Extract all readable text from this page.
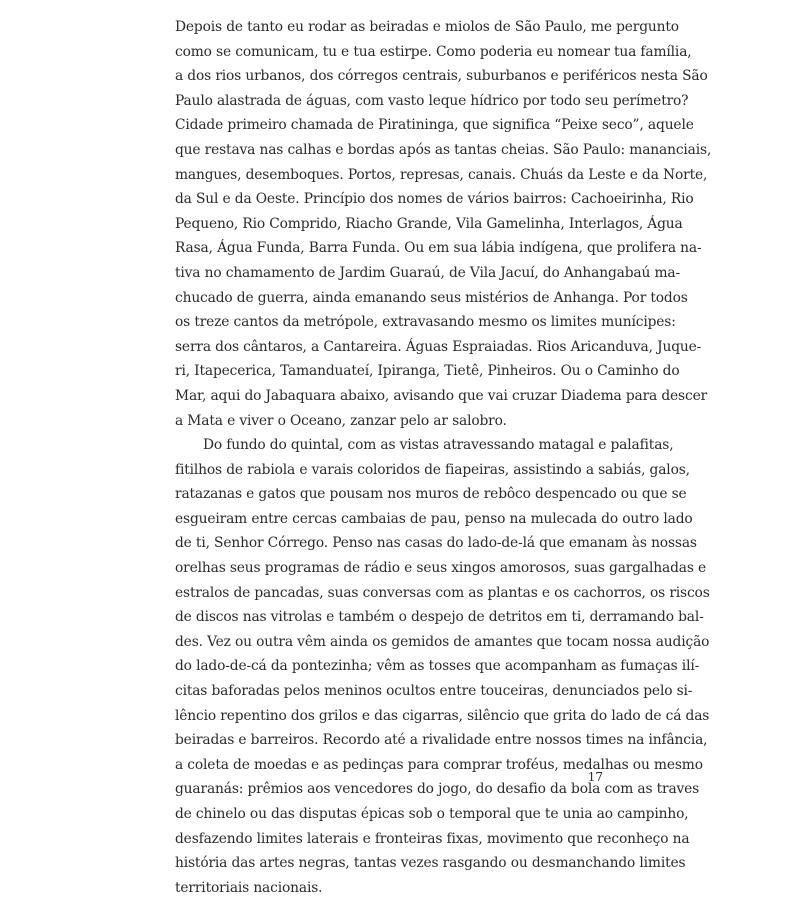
Depois de tanto eu rodar as beiradas e miolos de São Paulo, me pergunto
como se comunicam, tu e tua estirpe. Como poderia eu nomear tua família,
a dos rios urbanos, dos córregos centrais, suburbanos e periféricos nesta São
Paulo alastrada de águas, com vasto leque hídrico por todo seu perímetro?
Cidade primeiro chamada de Piratininga, que significa “Peixe seco”, aquele
que restava nas calhas e bordas após as tantas cheias. São Paulo: mananciais,
mangues, desemboques. Portos, represas, canais. Chuás da Leste e da Norte,
da Sul e da Oeste. Princípio dos nomes de vários bairros: Cachoeirinha, Rio
Pequeno, Rio Comprido, Riacho Grande, Vila Gamelinha, Interlagos, Água
Rasa, Água Funda, Barra Funda. Ou em sua lábia indígena, que prolifera na-
tiva no chamamento de Jardim Guaraú, de Vila Jacuí, do Anhangabaú ma-
chucado de guerra, ainda emanando seus mistérios de Anhanga. Por todos
os treze cantos da metrópole, extravasando mesmo os limites munícipes:
serra dos cântaros, a Cantareira. Águas Espraiadas. Rios Aricanduva, Juque-
ri, Itapecerica, Tamanduateí, Ipiranga, Tietê, Pinheiros. Ou o Caminho do
Mar, aqui do Jabaquara abaixo, avisando que vai cruzar Diadema para descer
a Mata e viver o Oceano, zanzar pelo ar salobro.
Do fundo do quintal, com as vistas atravessando matagal e palafitas,
fitilhos de rabiola e varais coloridos de fiapeiras, assistindo a sabiás, galos,
ratazanas e gatos que pousam nos muros de rebôco despencado ou que se
esgueiram entre cercas cambaias de pau, penso na mulecada do outro lado
de ti, Senhor Córrego. Penso nas casas do lado-de-lá que emanam às nossas
orelhas seus programas de rádio e seus xingos amorosos, suas gargalhadas e
estralos de pancadas, suas conversas com as plantas e os cachorros, os riscos
de discos nas vitrolas e também o despejo de detritos em ti, derramando bal-
des. Vez ou outra vêm ainda os gemidos de amantes que tocam nossa audição
do lado-de-cá da pontezinha; vêm as tosses que acompanham as fumaças ilí-
citas baforadas pelos meninos ocultos entre touceiras, denunciados pelo si-
lêncio repentino dos grilos e das cigarras, silêncio que grita do lado de cá das
beiradas e barreiros. Recordo até a rivalidade entre nossos times na infância,
a coleta de moedas e as pedinças para comprar troféus, medalhas ou mesmo
guaranás: prêmios aos vencedores do jogo, do desafio da bola com as traves
de chinelo ou das disputas épicas sob o temporal que te unia ao campinho,
desfazendo limites laterais e fronteiras fixas, movimento que reconheço na
história das artes negras, tantas vezes rasgando ou desmanchando limites
territoriais nacionais.
17
